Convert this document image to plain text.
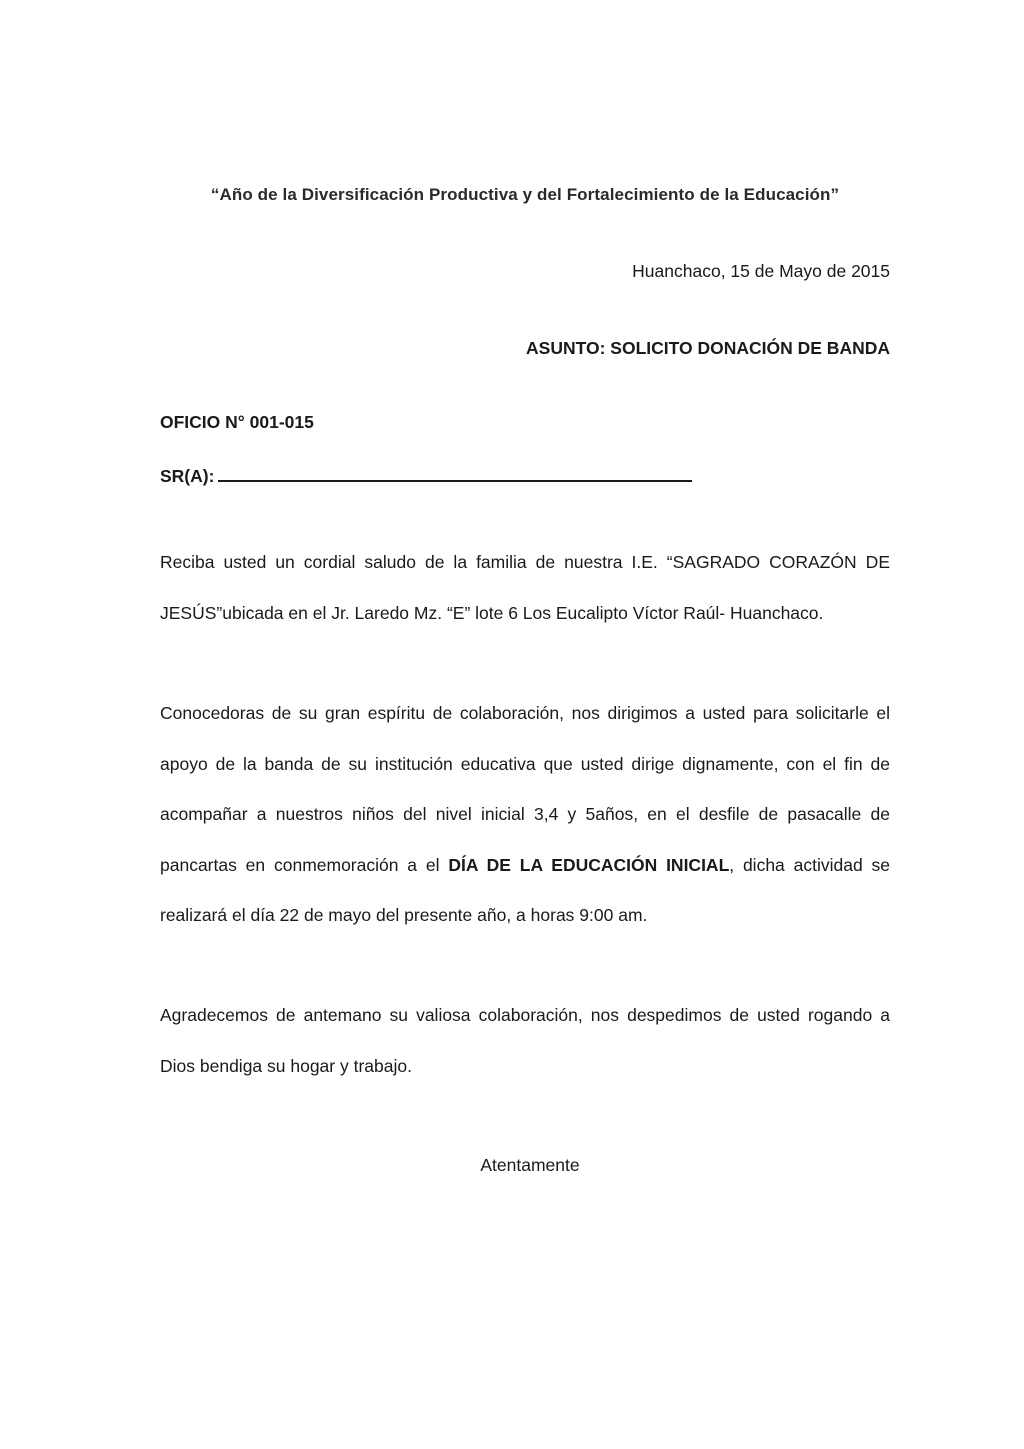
“Año de la Diversificación Productiva y del Fortalecimiento de la Educación”

Huanchaco, 15 de Mayo de 2015

ASUNTO: SOLICITO DONACIÓN DE BANDA

OFICIO N° 001-015

SR(A):

Reciba usted un cordial saludo de la familia de nuestra I.E. “SAGRADO CORAZÓN DE JESÚS”ubicada en el Jr. Laredo Mz. “E” lote 6 Los Eucalipto Víctor Raúl- Huanchaco.

Conocedoras de su gran espíritu de colaboración, nos dirigimos a usted para solicitarle el apoyo de la banda de su institución educativa que usted dirige dignamente, con el fin de acompañar a nuestros niños del nivel inicial 3,4 y 5años, en el desfile de pasacalle de pancartas en conmemoración a el DÍA DE LA EDUCACIÓN INICIAL, dicha actividad se realizará el día 22 de mayo del presente año, a horas 9:00 am.

Agradecemos de antemano su valiosa colaboración, nos despedimos de usted rogando a Dios bendiga su hogar y trabajo.

Atentamente
